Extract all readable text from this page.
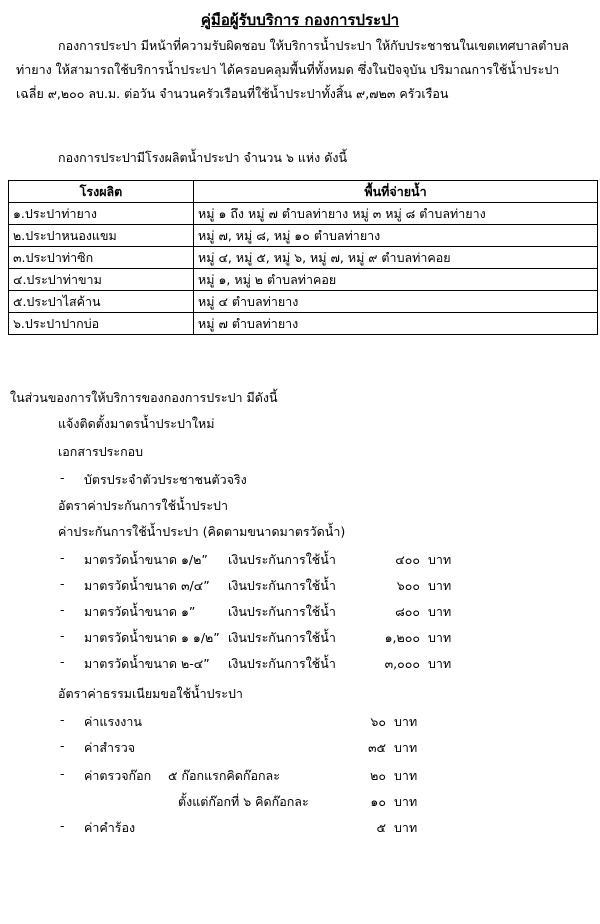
คู่มือผู้รับบริการ กองการประปา
กองการประปา มีหน้าที่ความรับผิดชอบ ให้บริการน้ำประปา ให้กับประชาชนในเขตเทศบาลตำบล
ท่ายาง ให้สามารถใช้บริการน้ำประปา ได้ครอบคลุมพื้นที่ทั้งหมด ซึ่งในปัจจุบัน ปริมาณการใช้น้ำประปา
เฉลี่ย ๙,๒๐๐ ลบ.ม. ต่อวัน จำนวนครัวเรือนที่ใช้น้ำประปาทั้งสิ้น ๙,๗๒๓ ครัวเรือน
กองการประปามีโรงผลิตน้ำประปา จำนวน ๖ แห่ง ดังนี้
โรงผลิต	พื้นที่จ่ายน้ำ
๑.ประปาท่ายาง	หมู่ ๑ ถึง หมู่ ๗ ตำบลท่ายาง หมู่ ๓ หมู่ ๘ ตำบลท่ายาง
๒.ประปาหนองแขม	หมู่ ๗, หมู่ ๘, หมู่ ๑๐ ตำบลท่ายาง
๓.ประปาท่าซิก	หมู่ ๔, หมู่ ๕, หมู่ ๖, หมู่ ๗, หมู่ ๙ ตำบลท่าคอย
๔.ประปาท่าขาม	หมู่ ๑, หมู่ ๒ ตำบลท่าคอย
๕.ประปาไสค้าน	หมู่ ๔ ตำบลท่ายาง
๖.ประปาปากบ่อ	หมู่ ๗ ตำบลท่ายาง
ในส่วนของการให้บริการของกองการประปา มีดังนี้
แจ้งติดตั้งมาตรน้ำประปาใหม่
เอกสารประกอบ
- บัตรประจำตัวประชาชนตัวจริง
อัตราค่าประกันการใช้น้ำประปา
ค่าประกันการใช้น้ำประปา (คิดตามขนาดมาตรวัดน้ำ)
- มาตรวัดน้ำขนาด ๑/๒” เงินประกันการใช้น้ำ	๔๐๐ บาท
- มาตรวัดน้ำขนาด ๓/๔” เงินประกันการใช้น้ำ	๖๐๐ บาท
- มาตรวัดน้ำขนาด ๑”	เงินประกันการใช้น้ำ	๘๐๐ บาท
- มาตรวัดน้ำขนาด ๑ ๑/๒” เงินประกันการใช้น้ำ	๑,๒๐๐ บาท
- มาตรวัดน้ำขนาด ๒-๔” เงินประกันการใช้น้ำ	๓,๐๐๐ บาท
อัตราค่าธรรมเนียมขอใช้น้ำประปา
- ค่าแรงงาน	๖๐ บาท
- ค่าสำรวจ	๓๕ บาท
- ค่าตรวจก๊อก ๕ ก๊อกแรกคิดก๊อกละ	๒๐ บาท
ตั้งแต่ก๊อกที่ ๖ คิดก๊อกละ	๑๐ บาท
- ค่าคำร้อง	๕ บาท
